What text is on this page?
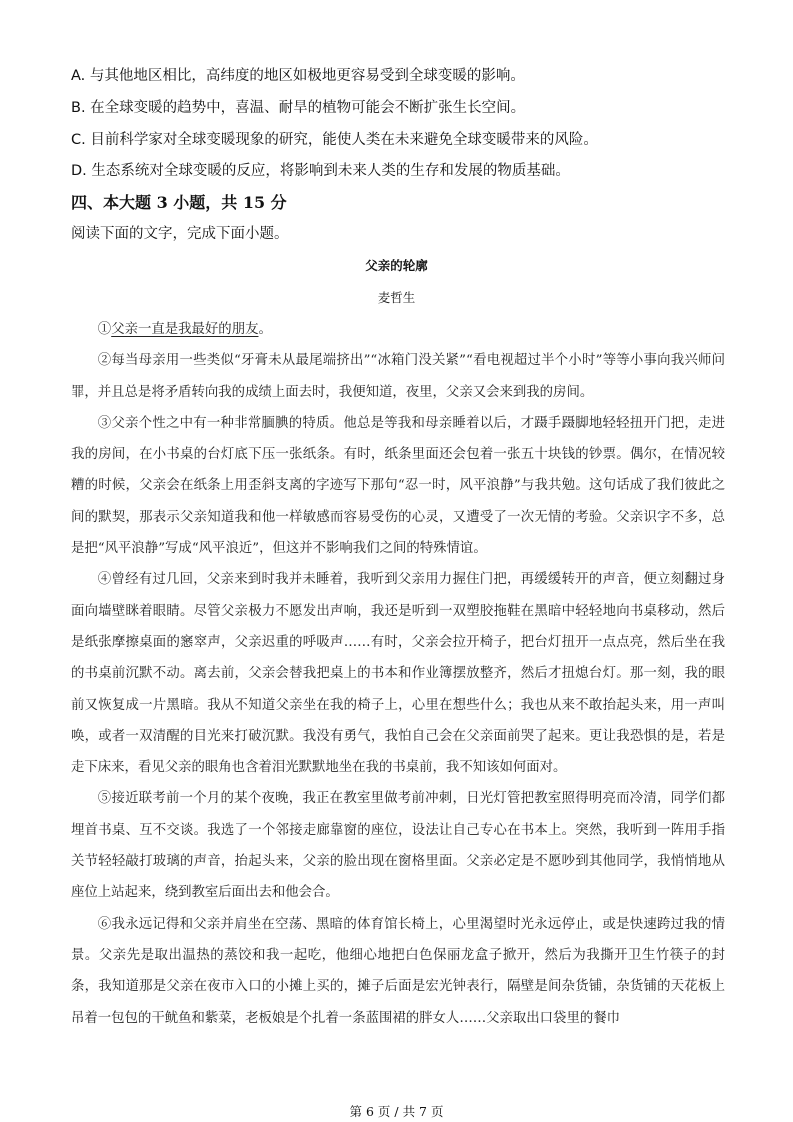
A. 与其他地区相比，高纬度的地区如极地更容易受到全球变暖的影响。
B. 在全球变暖的趋势中，喜温、耐旱的植物可能会不断扩张生长空间。
C. 目前科学家对全球变暖现象的研究，能使人类在未来避免全球变暖带来的风险。
D. 生态系统对全球变暖的反应，将影响到未来人类的生存和发展的物质基础。
四、本大题 3 小题，共 15 分
阅读下面的文字，完成下面小题。
父亲的轮廓
麦哲生

①父亲一直是我最好的朋友。

②每当母亲用一些类似“牙膏未从最尾端挤出”“冰箱门没关紧”“看电视超过半个小时”等等小事向我兴师问罪，并且总是将矛盾转向我的成绩上面去时，我便知道，夜里，父亲又会来到我的房间。

③父亲个性之中有一种非常腼腆的特质。他总是等我和母亲睡着以后，才蹑手蹑脚地轻轻扭开门把，走进我的房间，在小书桌的台灯底下压一张纸条。有时，纸条里面还会包着一张五十块钱的钞票。偶尔，在情况较糟的时候，父亲会在纸条上用歪斜支离的字迹写下那句“忍一时，风平浪静”与我共勉。这句话成了我们彼此之间的默契，那表示父亲知道我和他一样敏感而容易受伤的心灵，又遭受了一次无情的考验。父亲识字不多，总是把“风平浪静”写成“风平浪近”，但这并不影响我们之间的特殊情谊。

④曾经有过几回，父亲来到时我并未睡着，我听到父亲用力握住门把，再缓缓转开的声音，便立刻翻过身面向墙壁眯着眼睛。尽管父亲极力不愿发出声响，我还是听到一双塑胶拖鞋在黑暗中轻轻地向书桌移动，然后是纸张摩擦桌面的窸窣声，父亲迟重的呼吸声……有时，父亲会拉开椅子，把台灯扭开一点点亮，然后坐在我的书桌前沉默不动。离去前，父亲会替我把桌上的书本和作业簿摆放整齐，然后才扭熄台灯。那一刻，我的眼前又恢复成一片黑暗。我从不知道父亲坐在我的椅子上，心里在想些什么；我也从来不敢抬起头来，用一声叫唤，或者一双清醒的目光来打破沉默。我没有勇气，我怕自己会在父亲面前哭了起来。更让我恐惧的是，若是走下床来，看见父亲的眼角也含着泪光默默地坐在我的书桌前，我不知该如何面对。

⑤接近联考前一个月的某个夜晚，我正在教室里做考前冲刺，日光灯管把教室照得明亮而冷清，同学们都埋首书桌、互不交谈。我选了一个邻接走廊靠窗的座位，设法让自己专心在书本上。突然，我听到一阵用手指关节轻轻敲打玻璃的声音，抬起头来，父亲的脸出现在窗格里面。父亲必定是不愿吵到其他同学，我悄悄地从座位上站起来，绕到教室后面出去和他会合。

⑥我永远记得和父亲并肩坐在空荡、黑暗的体育馆长椅上，心里渴望时光永远停止，或是快速跨过我的情景。父亲先是取出温热的蒸饺和我一起吃，他细心地把白色保丽龙盒子掀开，然后为我撕开卫生竹筷子的封条，我知道那是父亲在夜市入口的小摊上买的，摊子后面是宏光钟表行，隔壁是间杂货铺，杂货铺的天花板上吊着一包包的干鱿鱼和紫菜，老板娘是个扎着一条蓝围裙的胖女人……父亲取出口袋里的餐巾

第 6 页 / 共 7 页
